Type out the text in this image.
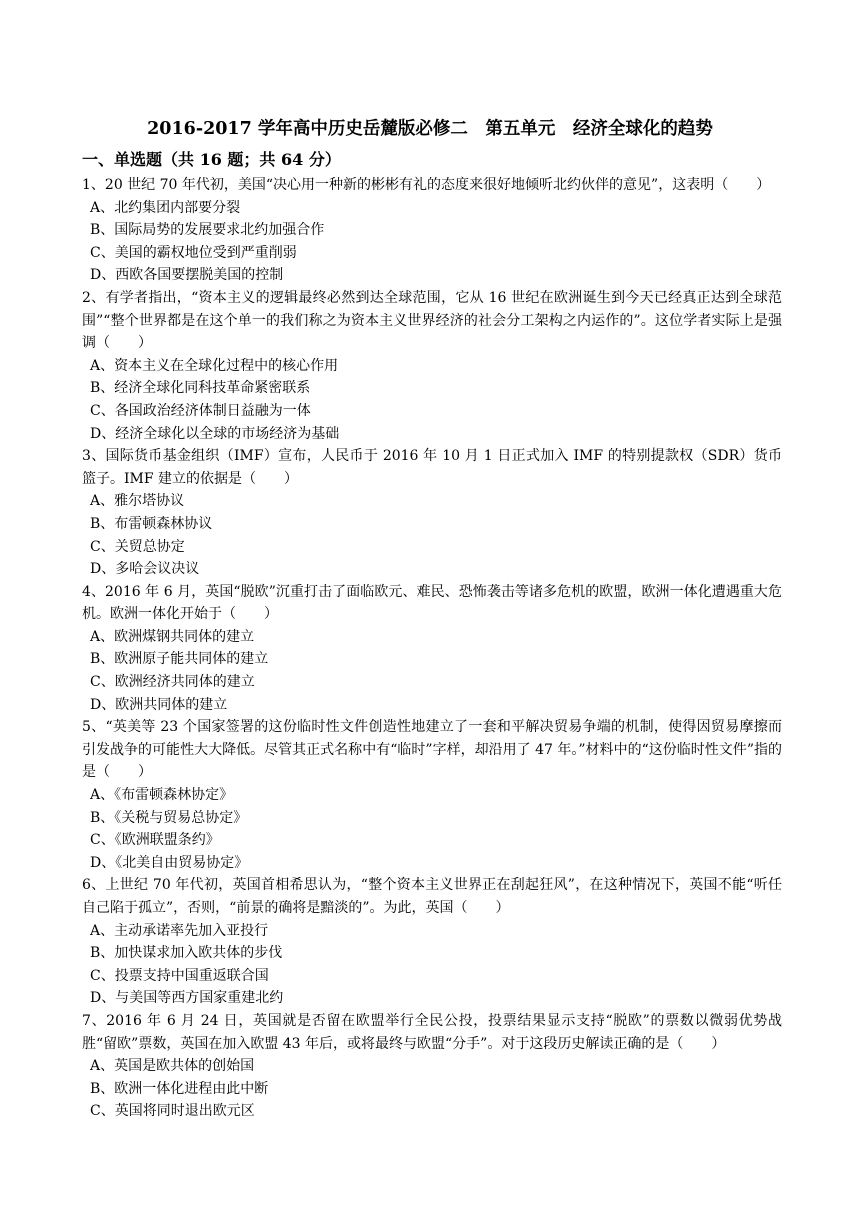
2016-2017 学年高中历史岳麓版必修二　第五单元　经济全球化的趋势
一、单选题（共 16 题；共 64 分）

1、20 世纪 70 年代初，美国“决心用一种新的彬彬有礼的态度来很好地倾听北约伙伴的意见”，这表明（　　）

A、北约集团内部要分裂

B、国际局势的发展要求北约加强合作

C、美国的霸权地位受到严重削弱

D、西欧各国要摆脱美国的控制

2、有学者指出，“资本主义的逻辑最终必然到达全球范围，它从 16 世纪在欧洲诞生到今天已经真正达到全球范围”“整个世界都是在这个单一的我们称之为资本主义世界经济的社会分工架构之内运作的”。这位学者实际上是强调（　　）

A、资本主义在全球化过程中的核心作用

B、经济全球化同科技革命紧密联系

C、各国政治经济体制日益融为一体

D、经济全球化以全球的市场经济为基础

3、国际货币基金组织（IMF）宣布，人民币于 2016 年 10 月 1 日正式加入 IMF 的特别提款权（SDR）货币篮子。IMF 建立的依据是（　　）

A、雅尔塔协议

B、布雷顿森林协议

C、关贸总协定

D、多哈会议决议

4、2016 年 6 月，英国“脱欧”沉重打击了面临欧元、难民、恐怖袭击等诸多危机的欧盟，欧洲一体化遭遇重大危机。欧洲一体化开始于（　　）

A、欧洲煤钢共同体的建立

B、欧洲原子能共同体的建立

C、欧洲经济共同体的建立

D、欧洲共同体的建立

5、“英美等 23 个国家签署的这份临时性文件创造性地建立了一套和平解决贸易争端的机制，使得因贸易摩擦而引发战争的可能性大大降低。尽管其正式名称中有“临时”字样，却沿用了 47 年。”材料中的“这份临时性文件”指的是（　　）

A、《布雷顿森林协定》

B、《关税与贸易总协定》

C、《欧洲联盟条约》

D、《北美自由贸易协定》

6、上世纪 70 年代初，英国首相希思认为，“整个资本主义世界正在刮起狂风”，在这种情况下，英国不能“听任自己陷于孤立”，否则，“前景的确将是黯淡的”。为此，英国（　　）

A、主动承诺率先加入亚投行

B、加快谋求加入欧共体的步伐

C、投票支持中国重返联合国

D、与美国等西方国家重建北约

7、2016 年 6 月 24 日，英国就是否留在欧盟举行全民公投，投票结果显示支持“脱欧”的票数以微弱优势战胜“留欧”票数，英国在加入欧盟 43 年后，或将最终与欧盟“分手”。对于这段历史解读正确的是（　　）

A、英国是欧共体的创始国

B、欧洲一体化进程由此中断

C、英国将同时退出欧元区
